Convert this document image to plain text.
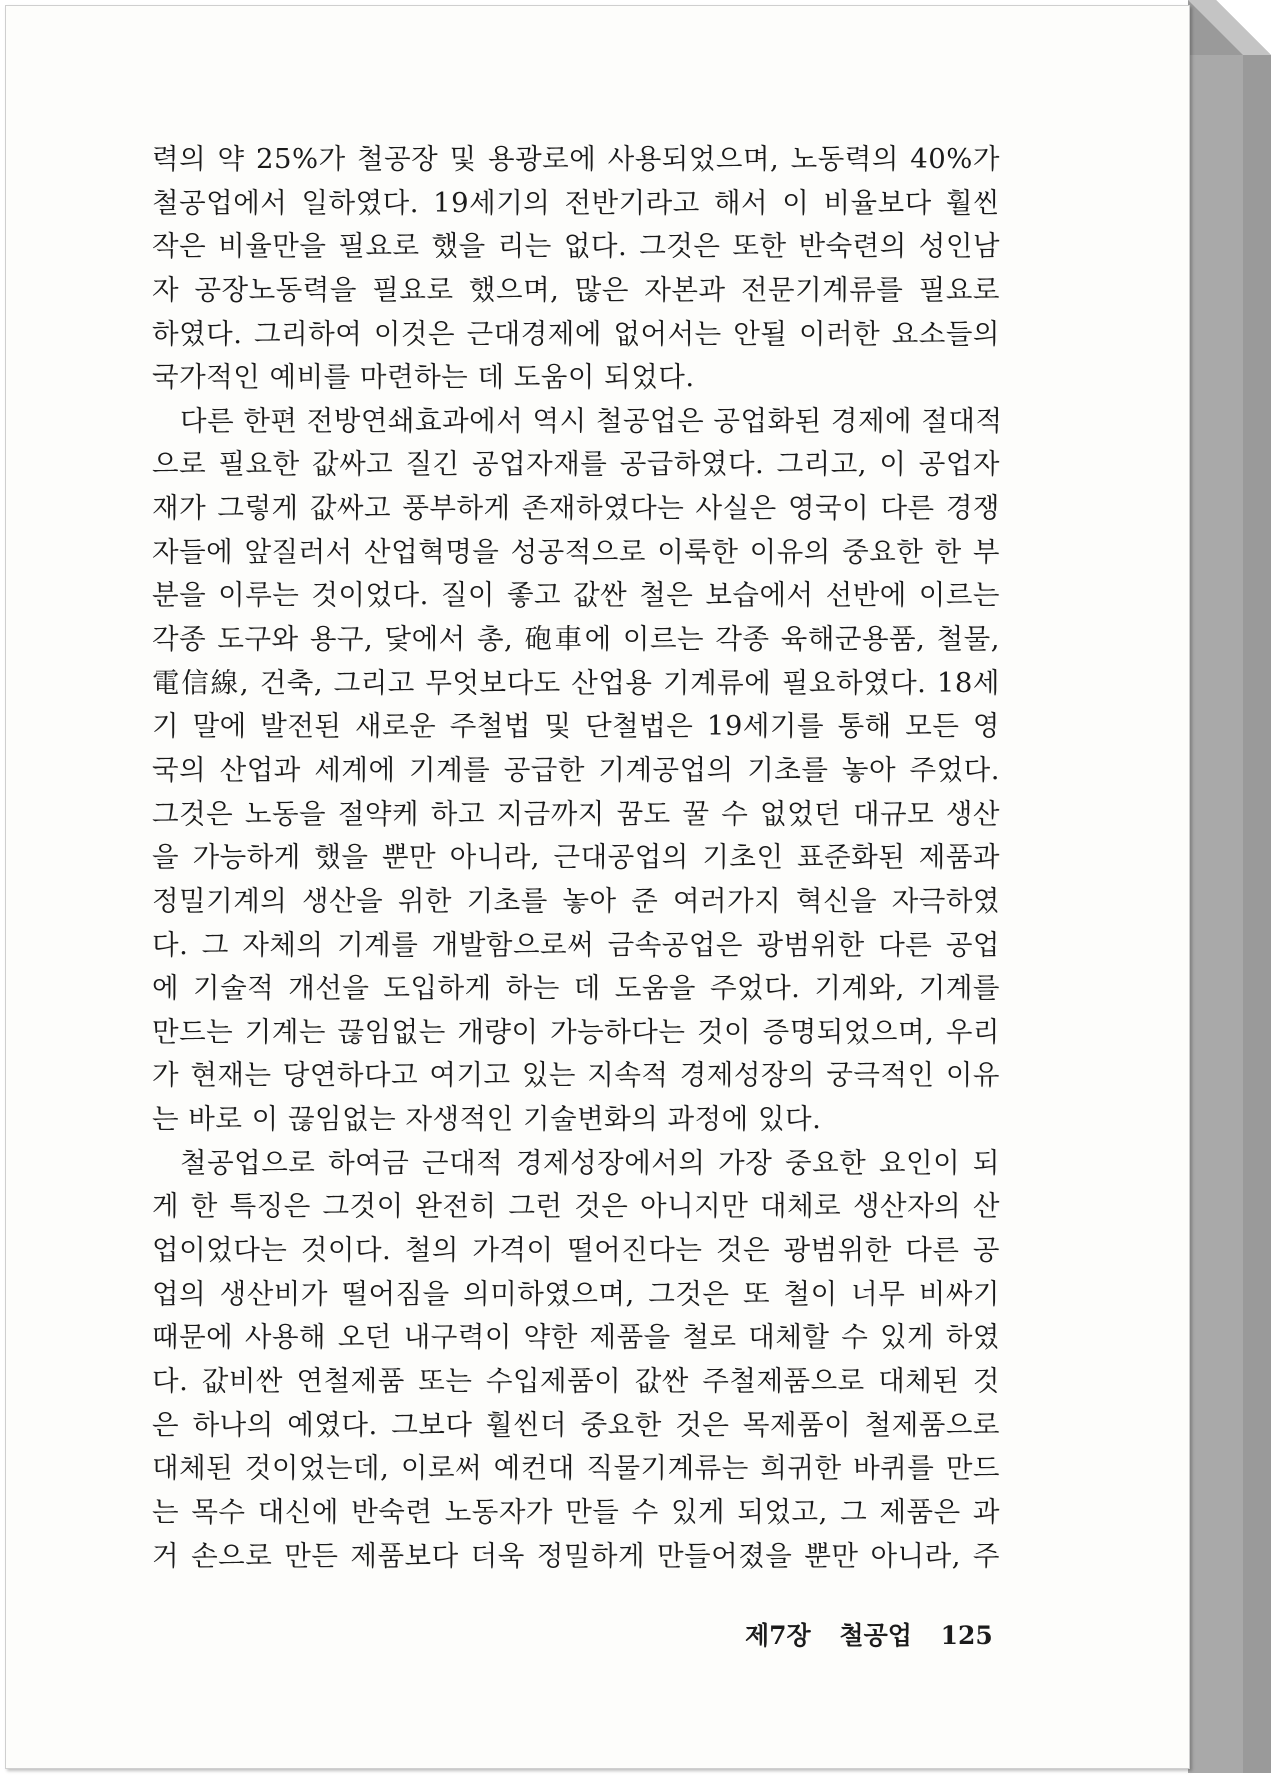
력의 약 25%가 철공장 및 용광로에 사용되었으며, 노동력의 40%가
철공업에서 일하였다. 19세기의 전반기라고 해서 이 비율보다 훨씬
작은 비율만을 필요로 했을 리는 없다. 그것은 또한 반숙련의 성인남
자 공장노동력을 필요로 했으며, 많은 자본과 전문기계류를 필요로
하였다. 그리하여 이것은 근대경제에 없어서는 안될 이러한 요소들의
국가적인 예비를 마련하는 데 도움이 되었다.
다른 한편 전방연쇄효과에서 역시 철공업은 공업화된 경제에 절대적
으로 필요한 값싸고 질긴 공업자재를 공급하였다. 그리고, 이 공업자
재가 그렇게 값싸고 풍부하게 존재하였다는 사실은 영국이 다른 경쟁
자들에 앞질러서 산업혁명을 성공적으로 이룩한 이유의 중요한 한 부
분을 이루는 것이었다. 질이 좋고 값싼 철은 보습에서 선반에 이르는
각종 도구와 용구, 닻에서 총, 砲車에 이르는 각종 육해군용품, 철물,
電信線, 건축, 그리고 무엇보다도 산업용 기계류에 필요하였다. 18세
기 말에 발전된 새로운 주철법 및 단철법은 19세기를 통해 모든 영
국의 산업과 세계에 기계를 공급한 기계공업의 기초를 놓아 주었다.
그것은 노동을 절약케 하고 지금까지 꿈도 꿀 수 없었던 대규모 생산
을 가능하게 했을 뿐만 아니라, 근대공업의 기초인 표준화된 제품과
정밀기계의 생산을 위한 기초를 놓아 준 여러가지 혁신을 자극하였
다. 그 자체의 기계를 개발함으로써 금속공업은 광범위한 다른 공업
에 기술적 개선을 도입하게 하는 데 도움을 주었다. 기계와, 기계를
만드는 기계는 끊임없는 개량이 가능하다는 것이 증명되었으며, 우리
가 현재는 당연하다고 여기고 있는 지속적 경제성장의 궁극적인 이유
는 바로 이 끊임없는 자생적인 기술변화의 과정에 있다.
철공업으로 하여금 근대적 경제성장에서의 가장 중요한 요인이 되
게 한 특징은 그것이 완전히 그런 것은 아니지만 대체로 생산자의 산
업이었다는 것이다. 철의 가격이 떨어진다는 것은 광범위한 다른 공
업의 생산비가 떨어짐을 의미하였으며, 그것은 또 철이 너무 비싸기
때문에 사용해 오던 내구력이 약한 제품을 철로 대체할 수 있게 하였
다. 값비싼 연철제품 또는 수입제품이 값싼 주철제품으로 대체된 것
은 하나의 예였다. 그보다 훨씬더 중요한 것은 목제품이 철제품으로
대체된 것이었는데, 이로써 예컨대 직물기계류는 희귀한 바퀴를 만드
는 목수 대신에 반숙련 노동자가 만들 수 있게 되었고, 그 제품은 과
거 손으로 만든 제품보다 더욱 정밀하게 만들어졌을 뿐만 아니라, 주
제7장 철공업 125
